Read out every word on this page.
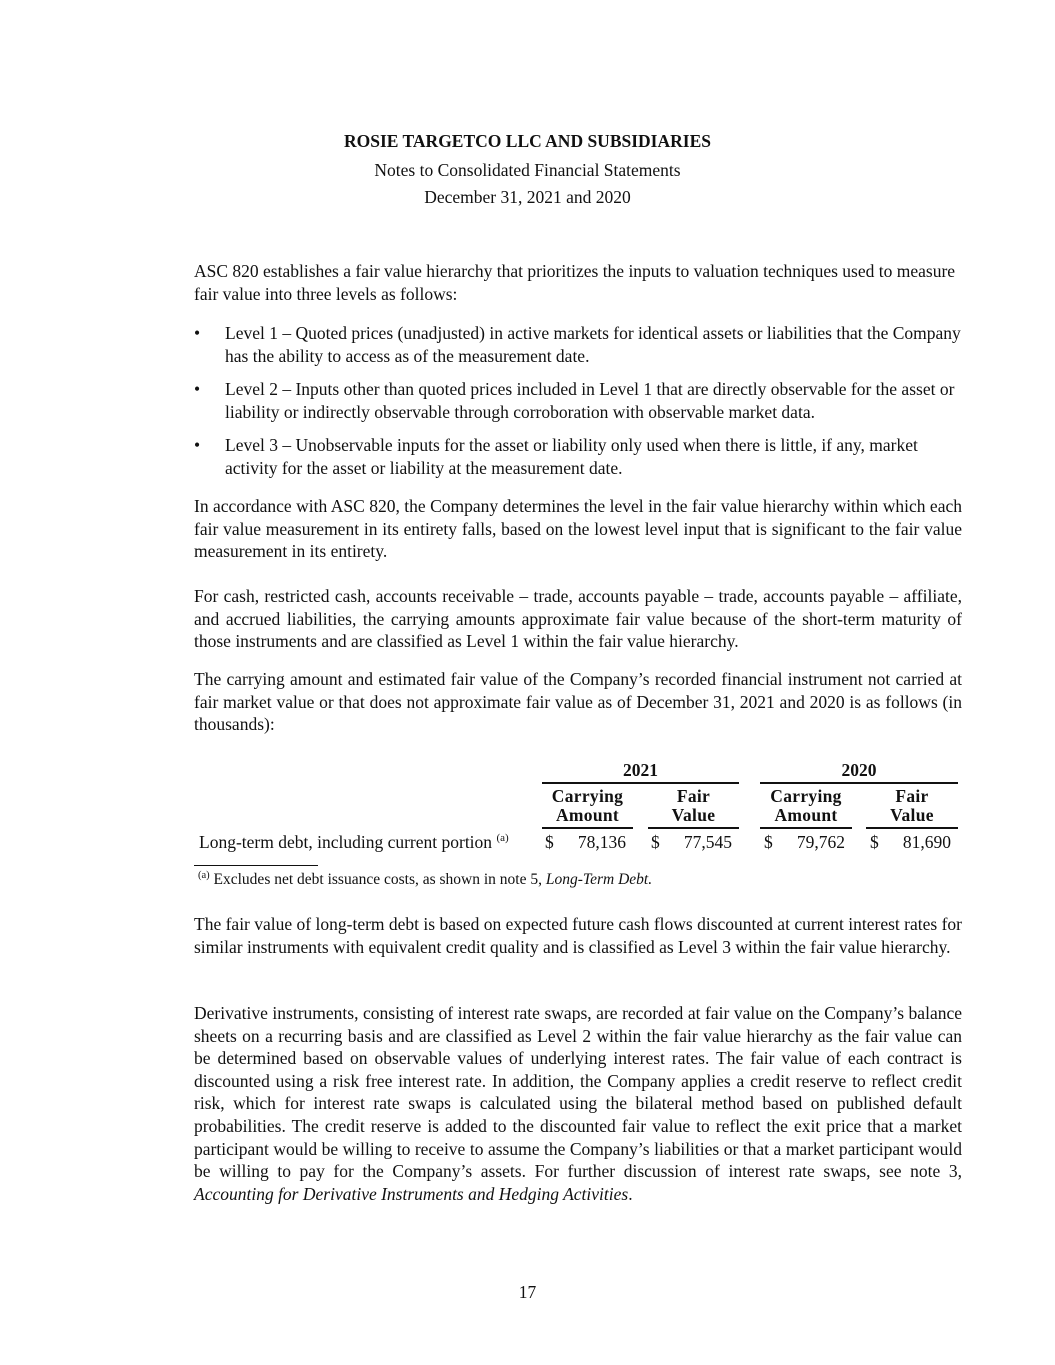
ROSIE TARGETCO LLC AND SUBSIDIARIES
Notes to Consolidated Financial Statements
December 31, 2021 and 2020
ASC 820 establishes a fair value hierarchy that prioritizes the inputs to valuation techniques used to measure fair value into three levels as follows:
• Level 1 – Quoted prices (unadjusted) in active markets for identical assets or liabilities that the Company has the ability to access as of the measurement date.
• Level 2 – Inputs other than quoted prices included in Level 1 that are directly observable for the asset or liability or indirectly observable through corroboration with observable market data.
• Level 3 – Unobservable inputs for the asset or liability only used when there is little, if any, market activity for the asset or liability at the measurement date.
In accordance with ASC 820, the Company determines the level in the fair value hierarchy within which each fair value measurement in its entirety falls, based on the lowest level input that is significant to the fair value measurement in its entirety.
For cash, restricted cash, accounts receivable – trade, accounts payable – trade, accounts payable – affiliate, and accrued liabilities, the carrying amounts approximate fair value because of the short-term maturity of those instruments and are classified as Level 1 within the fair value hierarchy.
The carrying amount and estimated fair value of the Company’s recorded financial instrument not carried at fair market value or that does not approximate fair value as of December 31, 2021 and 2020 is as follows (in thousands):
2021	2020
Carrying
Amount
Fair
Value
Carrying
Amount
Fair
Value
Long-term debt, including current portion $^{(a)}$ $ 78,136 $ 77,545 $ 79,762 $ 81,690
$^{(a)}$ Excludes net debt issuance costs, as shown in note 5, Long-Term Debt.
The fair value of long-term debt is based on expected future cash flows discounted at current interest rates for similar instruments with equivalent credit quality and is classified as Level 3 within the fair value hierarchy.
Derivative instruments, consisting of interest rate swaps, are recorded at fair value on the Company’s balance sheets on a recurring basis and are classified as Level 2 within the fair value hierarchy as the fair value can be determined based on observable values of underlying interest rates. The fair value of each contract is discounted using a risk free interest rate. In addition, the Company applies a credit reserve to reflect credit risk, which for interest rate swaps is calculated using the bilateral method based on published default probabilities. The credit reserve is added to the discounted fair value to reflect the exit price that a market participant would be willing to receive to assume the Company’s liabilities or that a market participant would be willing to pay for the Company’s assets. For further discussion of interest rate swaps, see note 3, Accounting for Derivative Instruments and Hedging Activities.
17
